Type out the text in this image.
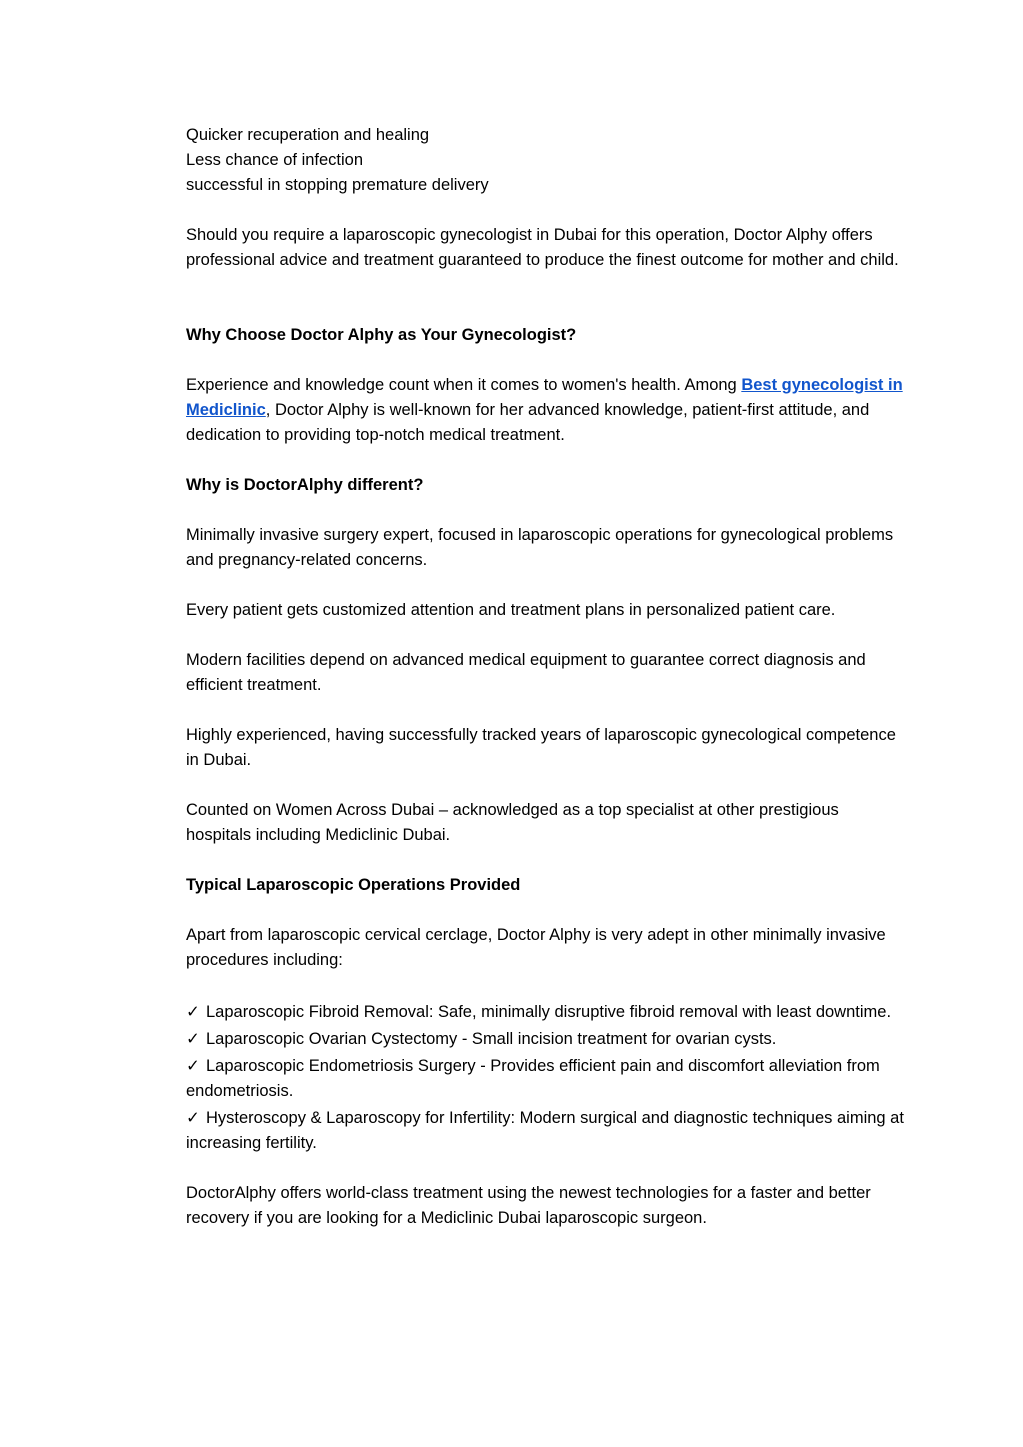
Quicker recuperation and healing

Less chance of infection

successful in stopping premature delivery

Should you require a laparoscopic gynecologist in Dubai for this operation, Doctor Alphy offers professional advice and treatment guaranteed to produce the finest outcome for mother and child.

Why Choose Doctor Alphy as Your Gynecologist?

Experience and knowledge count when it comes to women's health. Among Best gynecologist in Mediclinic, Doctor Alphy is well-known for her advanced knowledge, patient-first attitude, and dedication to providing top-notch medical treatment.

Why is DoctorAlphy different?

Minimally invasive surgery expert, focused in laparoscopic operations for gynecological problems and pregnancy-related concerns.

Every patient gets customized attention and treatment plans in personalized patient care.

Modern facilities depend on advanced medical equipment to guarantee correct diagnosis and efficient treatment.

Highly experienced, having successfully tracked years of laparoscopic gynecological competence in Dubai.

Counted on Women Across Dubai – acknowledged as a top specialist at other prestigious hospitals including Mediclinic Dubai.

Typical Laparoscopic Operations Provided

Apart from laparoscopic cervical cerclage, Doctor Alphy is very adept in other minimally invasive procedures including:

✓ Laparoscopic Fibroid Removal: Safe, minimally disruptive fibroid removal with least downtime.

✓ Laparoscopic Ovarian Cystectomy - Small incision treatment for ovarian cysts.

✓ Laparoscopic Endometriosis Surgery - Provides efficient pain and discomfort alleviation from endometriosis.

✓ Hysteroscopy & Laparoscopy for Infertility: Modern surgical and diagnostic techniques aiming at increasing fertility.

DoctorAlphy offers world-class treatment using the newest technologies for a faster and better recovery if you are looking for a Mediclinic Dubai laparoscopic surgeon.
